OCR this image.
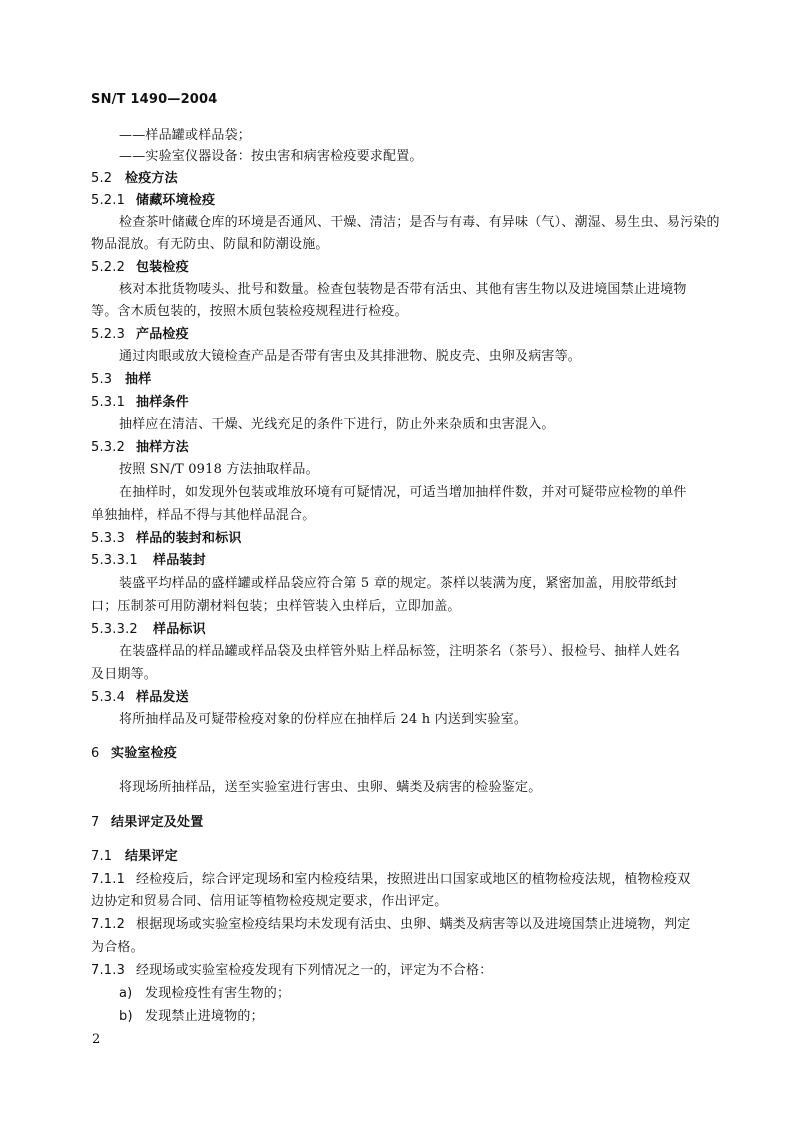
SN/T 1490—2004
——样品罐或样品袋；
——实验室仪器设备：按虫害和病害检疫要求配置。
5.2 检疫方法
5.2.1 储藏环境检疫
检查茶叶储藏仓库的环境是否通风、干燥、清洁；是否与有毒、有异味（气）、潮湿、易生虫、易污染的
物品混放。有无防虫、防鼠和防潮设施。
5.2.2 包装检疫
核对本批货物唛头、批号和数量。检查包装物是否带有活虫、其他有害生物以及进境国禁止进境物
等。含木质包装的，按照木质包装检疫规程进行检疫。
5.2.3 产品检疫
通过肉眼或放大镜检查产品是否带有害虫及其排泄物、脱皮壳、虫卵及病害等。
5.3 抽样
5.3.1 抽样条件
抽样应在清洁、干燥、光线充足的条件下进行，防止外来杂质和虫害混入。
5.3.2 抽样方法
按照 SN/T 0918 方法抽取样品。
在抽样时，如发现外包装或堆放环境有可疑情况，可适当增加抽样件数，并对可疑带应检物的单件
单独抽样，样品不得与其他样品混合。
5.3.3 样品的装封和标识
5.3.3.1 样品装封
装盛平均样品的盛样罐或样品袋应符合第 5 章的规定。茶样以装满为度，紧密加盖，用胶带纸封
口；压制茶可用防潮材料包装；虫样管装入虫样后，立即加盖。
5.3.3.2 样品标识
在装盛样品的样品罐或样品袋及虫样管外贴上样品标签，注明茶名（茶号）、报检号、抽样人姓名
及日期等。
5.3.4 样品发送
将所抽样品及可疑带检疫对象的份样应在抽样后 24 h 内送到实验室。
6 实验室检疫
将现场所抽样品，送至实验室进行害虫、虫卵、螨类及病害的检验鉴定。
7 结果评定及处置
7.1 结果评定
7.1.1 经检疫后，综合评定现场和室内检疫结果，按照进出口国家或地区的植物检疫法规，植物检疫双
边协定和贸易合同、信用证等植物检疫规定要求，作出评定。
7.1.2 根据现场或实验室检疫结果均未发现有活虫、虫卵、螨类及病害等以及进境国禁止进境物，判定
为合格。
7.1.3 经现场或实验室检疫发现有下列情况之一的，评定为不合格：
a) 发现检疫性有害生物的；
b) 发现禁止进境物的；
2
